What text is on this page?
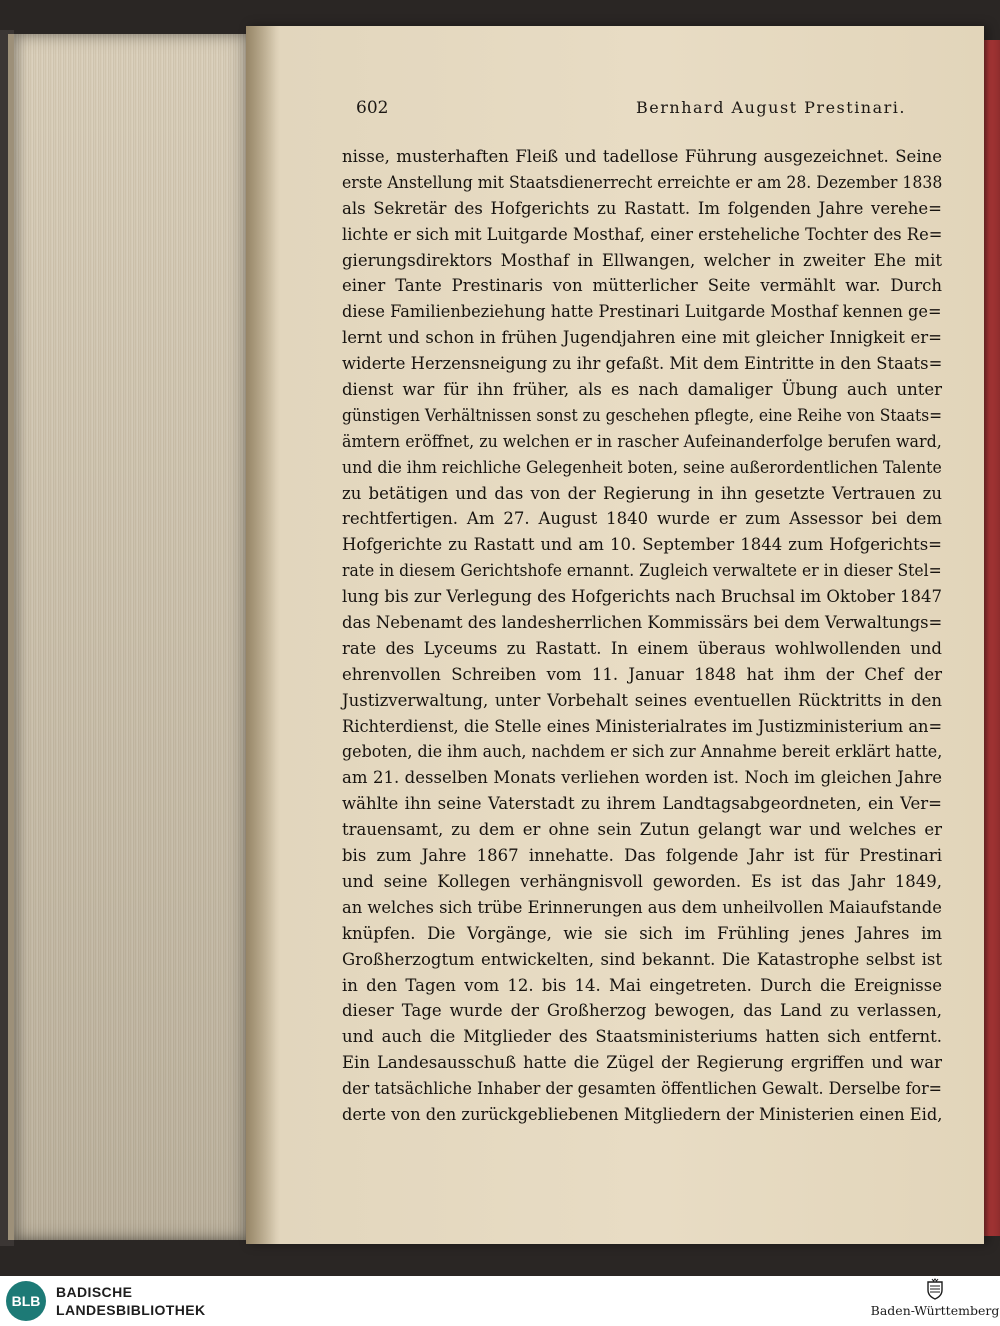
602	Bernhard August Prestinari.
nisse, musterhaften Fleiß und tadellose Führung ausgezeichnet. Seine
erste Anstellung mit Staatsdienerrecht erreichte er am 28. Dezember 1838
als Sekretär des Hofgerichts zu Rastatt. Im folgenden Jahre verehe=
lichte er sich mit Luitgarde Mosthaf, einer ersteheliche Tochter des Re=
gierungsdirektors Mosthaf in Ellwangen, welcher in zweiter Ehe mit
einer Tante Prestinaris von mütterlicher Seite vermählt war. Durch
diese Familienbeziehung hatte Prestinari Luitgarde Mosthaf kennen ge=
lernt und schon in frühen Jugendjahren eine mit gleicher Innigkeit er=
widerte Herzensneigung zu ihr gefaßt. Mit dem Eintritte in den Staats=
dienst war für ihn früher, als es nach damaliger Übung auch unter
günstigen Verhältnissen sonst zu geschehen pflegte, eine Reihe von Staats=
ämtern eröffnet, zu welchen er in rascher Aufeinanderfolge berufen ward,
und die ihm reichliche Gelegenheit boten, seine außerordentlichen Talente
zu betätigen und das von der Regierung in ihn gesetzte Vertrauen zu
rechtfertigen. Am 27. August 1840 wurde er zum Assessor bei dem
Hofgerichte zu Rastatt und am 10. September 1844 zum Hofgerichts=
rate in diesem Gerichtshofe ernannt. Zugleich verwaltete er in dieser Stel=
lung bis zur Verlegung des Hofgerichts nach Bruchsal im Oktober 1847
das Nebenamt des landesherrlichen Kommissärs bei dem Verwaltungs=
rate des Lyceums zu Rastatt. In einem überaus wohlwollenden und
ehrenvollen Schreiben vom 11. Januar 1848 hat ihm der Chef der
Justizverwaltung, unter Vorbehalt seines eventuellen Rücktritts in den
Richterdienst, die Stelle eines Ministerialrates im Justizministerium an=
geboten, die ihm auch, nachdem er sich zur Annahme bereit erklärt hatte,
am 21. desselben Monats verliehen worden ist. Noch im gleichen Jahre
wählte ihn seine Vaterstadt zu ihrem Landtagsabgeordneten, ein Ver=
trauensamt, zu dem er ohne sein Zutun gelangt war und welches er
bis zum Jahre 1867 innehatte. Das folgende Jahr ist für Prestinari
und seine Kollegen verhängnisvoll geworden. Es ist das Jahr 1849,
an welches sich trübe Erinnerungen aus dem unheilvollen Maiaufstande
knüpfen. Die Vorgänge, wie sie sich im Frühling jenes Jahres im
Großherzogtum entwickelten, sind bekannt. Die Katastrophe selbst ist
in den Tagen vom 12. bis 14. Mai eingetreten. Durch die Ereignisse
dieser Tage wurde der Großherzog bewogen, das Land zu verlassen,
und auch die Mitglieder des Staatsministeriums hatten sich entfernt.
Ein Landesausschuß hatte die Zügel der Regierung ergriffen und war
der tatsächliche Inhaber der gesamten öffentlichen Gewalt. Derselbe for=
derte von den zurückgebliebenen Mitgliedern der Ministerien einen Eid,
BLB
BADISCHE
LANDESBIBLIOTHEK	Baden-Württemberg
